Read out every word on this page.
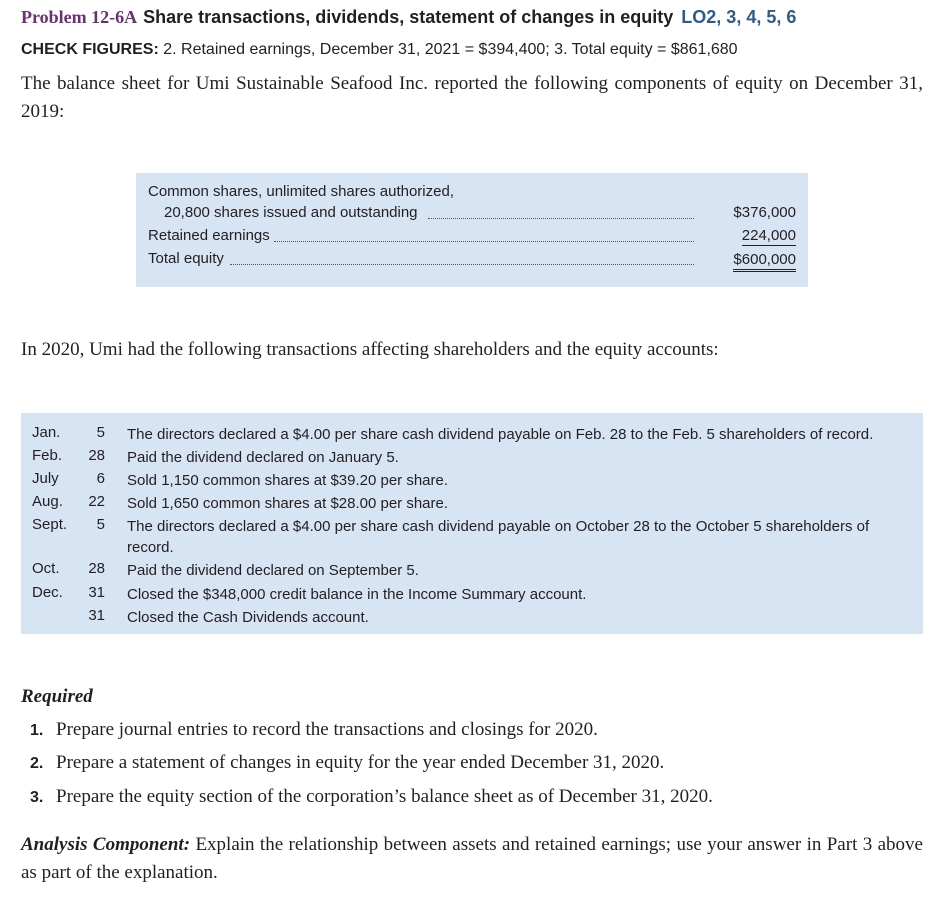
Problem 12-6A Share transactions, dividends, statement of changes in equity LO2, 3, 4, 5, 6
CHECK FIGURES: 2. Retained earnings, December 31, 2021 = $394,400; 3. Total equity = $861,680
The balance sheet for Umi Sustainable Seafood Inc. reported the following components of equity on December 31, 2019:
Common shares, unlimited shares authorized,
20,800 shares issued and outstanding	$376,000
Retained earnings	224,000
Total equity	$600,000
In 2020, Umi had the following transactions affecting shareholders and the equity accounts:
Jan.	5 The directors declared a $4.00 per share cash dividend payable on Feb. 28 to the Feb. 5 shareholders of record.
Feb.	28 Paid the dividend declared on January 5.
July	6 Sold 1,150 common shares at $39.20 per share.
Aug.	22 Sold 1,650 common shares at $28.00 per share.
Sept.	5 The directors declared a $4.00 per share cash dividend payable on October 28 to the October 5 shareholders of record.
Oct.	28 Paid the dividend declared on September 5.
Dec.	31 Closed the $348,000 credit balance in the Income Summary account.
31 Closed the Cash Dividends account.
Required
1. Prepare journal entries to record the transactions and closings for 2020.
2. Prepare a statement of changes in equity for the year ended December 31, 2020.
3. Prepare the equity section of the corporation’s balance sheet as of December 31, 2020.
Analysis Component: Explain the relationship between assets and retained earnings; use your answer in Part 3 above as part of the explanation.
